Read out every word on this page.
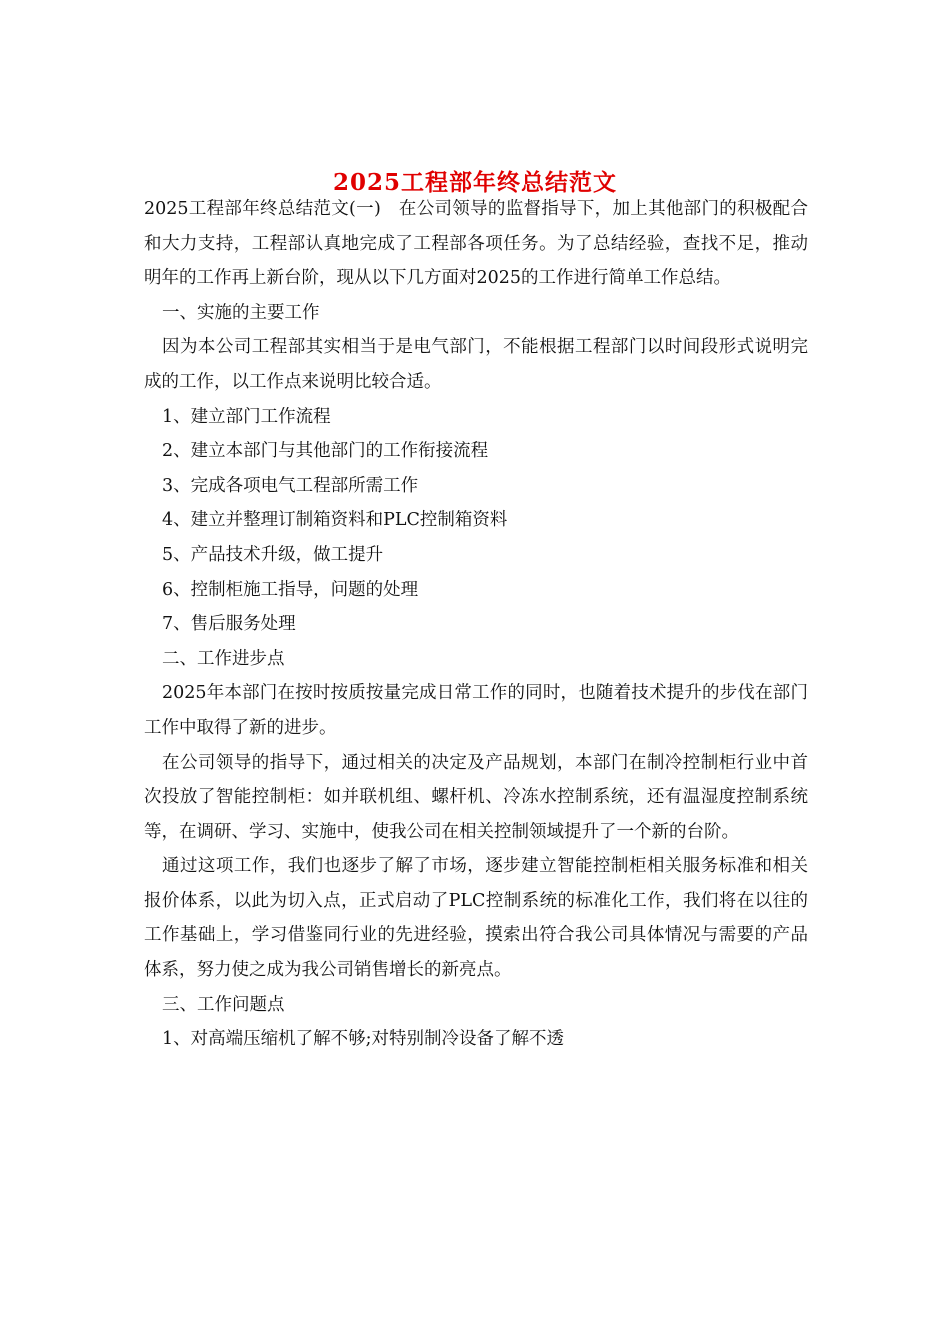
2025工程部年终总结范文

2025工程部年终总结范文(一)　在公司领导的监督指导下，加上其他部门的积极配合和大力支持，工程部认真地完成了工程部各项任务。为了总结经验，查找不足，推动明年的工作再上新台阶，现从以下几方面对2025的工作进行简单工作总结。

一、实施的主要工作

因为本公司工程部其实相当于是电气部门，不能根据工程部门以时间段形式说明完成的工作，以工作点来说明比较合适。

1、建立部门工作流程

2、建立本部门与其他部门的工作衔接流程

3、完成各项电气工程部所需工作

4、建立并整理订制箱资料和PLC控制箱资料

5、产品技术升级，做工提升

6、控制柜施工指导，问题的处理

7、售后服务处理

二、工作进步点

2025年本部门在按时按质按量完成日常工作的同时，也随着技术提升的步伐在部门工作中取得了新的进步。

在公司领导的指导下，通过相关的决定及产品规划，本部门在制冷控制柜行业中首次投放了智能控制柜：如并联机组、螺杆机、冷冻水控制系统，还有温湿度控制系统等，在调研、学习、实施中，使我公司在相关控制领域提升了一个新的台阶。

通过这项工作，我们也逐步了解了市场，逐步建立智能控制柜相关服务标准和相关报价体系，以此为切入点，正式启动了PLC控制系统的标准化工作，我们将在以往的工作基础上，学习借鉴同行业的先进经验，摸索出符合我公司具体情况与需要的产品体系，努力使之成为我公司销售增长的新亮点。

三、工作问题点

1、对高端压缩机了解不够;对特别制冷设备了解不透
